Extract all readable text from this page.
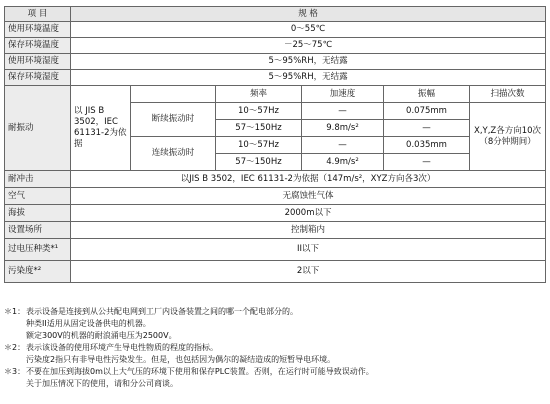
项 目	规 格					
使用环境温度	0～55℃					
保存环境温度	－25～75℃					
使用环境湿度	5～95%RH，无结露					
保存环境湿度	5～95%RH，无结露					
耐振动	以 JIS B 3502，IEC 61131-2为依据		频率	加速度	振幅	扫描次数
		断续振动时	10～57Hz	—	0.075mm	X,Y,Z各方向10次（8分钟期间）
			57～150Hz	9.8m/s²	—	
		连续振动时	10～57Hz	—	0.035mm	
			57～150Hz	4.9m/s²	—	
耐冲击	以JIS B 3502，IEC 61131-2为依据（147m/s²，XYZ方向各3次）					
空气	无腐蚀性气体					
海拔	2000m以下					
设置场所	控制箱内					
过电压种类*¹	II以下					
污染度*²	2以下					
＊1： 表示设备是连接到从公共配电网到工厂内设备装置之间的哪一个配电部分的。
种类II适用从固定设备供电的机器。
额定300V的机器的耐浪涌电压为2500V。
＊2： 表示该设备的使用环境产生导电性物质的程度的指标。
污染度2指只有非导电性污染发生。但是，也包括因为偶尔的凝结造成的短暂导电环境。
＊3： 不要在加压到海拔0m以上大气压的环境下使用和保存PLC装置。否则，在运行时可能导致误动作。
关于加压情况下的使用，请和分公司商谈。
